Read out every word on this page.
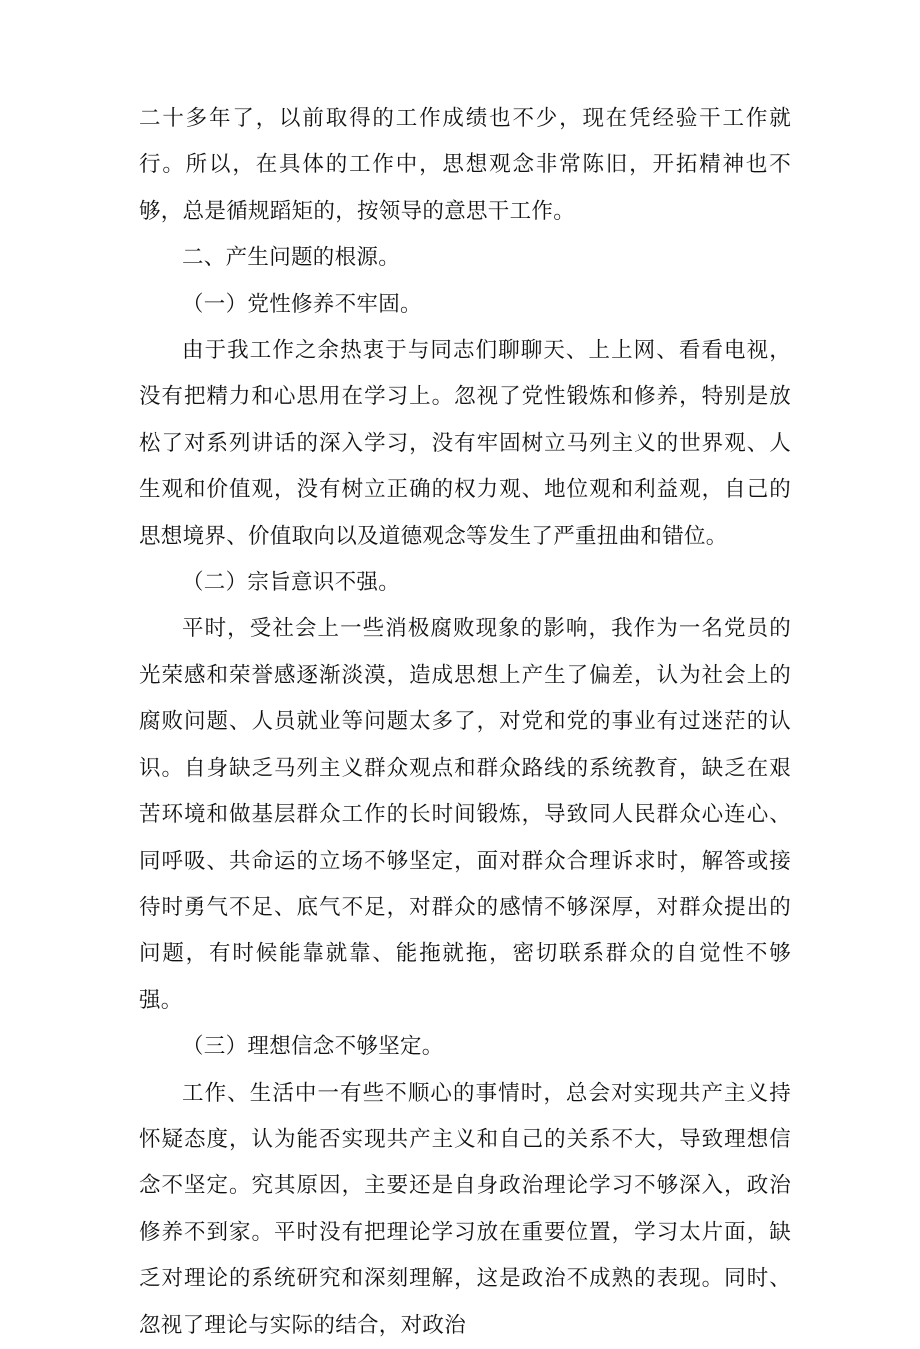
二十多年了，以前取得的工作成绩也不少，现在凭经验干工作就行。所以，在具体的工作中，思想观念非常陈旧，开拓精神也不够，总是循规蹈矩的，按领导的意思干工作。

二、产生问题的根源。

（一）党性修养不牢固。

由于我工作之余热衷于与同志们聊聊天、上上网、看看电视，没有把精力和心思用在学习上。忽视了党性锻炼和修养，特别是放松了对系列讲话的深入学习，没有牢固树立马列主义的世界观、人生观和价值观，没有树立正确的权力观、地位观和利益观，自己的思想境界、价值取向以及道德观念等发生了严重扭曲和错位。

（二）宗旨意识不强。

平时，受社会上一些消极腐败现象的影响，我作为一名党员的光荣感和荣誉感逐渐淡漠，造成思想上产生了偏差，认为社会上的腐败问题、人员就业等问题太多了，对党和党的事业有过迷茫的认识。自身缺乏马列主义群众观点和群众路线的系统教育，缺乏在艰苦环境和做基层群众工作的长时间锻炼，导致同人民群众心连心、同呼吸、共命运的立场不够坚定，面对群众合理诉求时，解答或接待时勇气不足、底气不足，对群众的感情不够深厚，对群众提出的问题，有时候能靠就靠、能拖就拖，密切联系群众的自觉性不够强。

（三）理想信念不够坚定。

工作、生活中一有些不顺心的事情时，总会对实现共产主义持怀疑态度，认为能否实现共产主义和自己的关系不大，导致理想信念不坚定。究其原因，主要还是自身政治理论学习不够深入，政治修养不到家。平时没有把理论学习放在重要位置，学习太片面，缺乏对理论的系统研究和深刻理解，这是政治不成熟的表现。同时、忽视了理论与实际的结合，对政治
